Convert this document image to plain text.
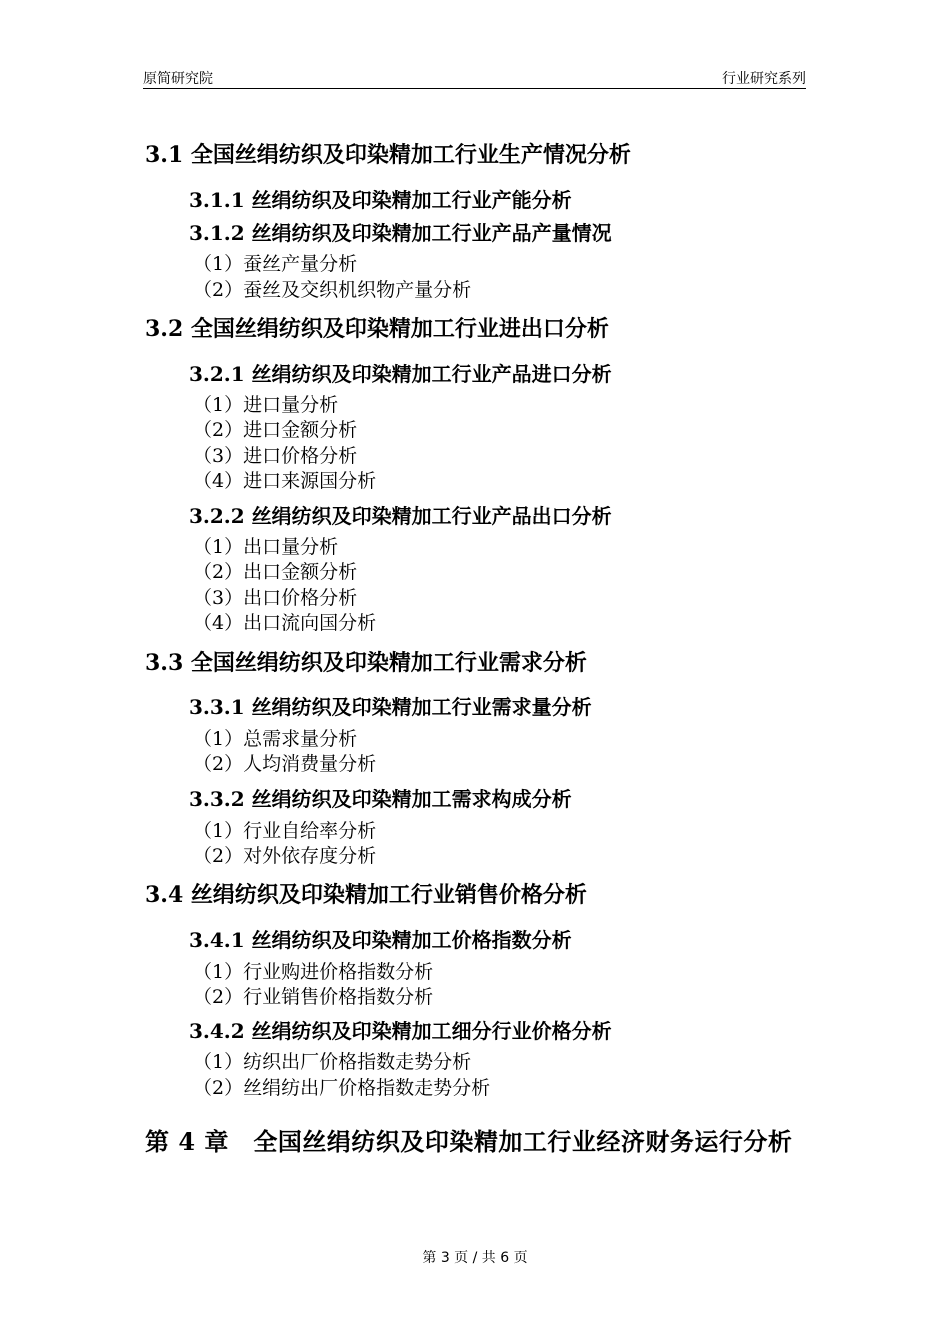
原简研究院	行业研究系列
3.1 全国丝绢纺织及印染精加工行业生产情况分析
3.1.1 丝绢纺织及印染精加工行业产能分析
3.1.2 丝绢纺织及印染精加工行业产品产量情况
（1）蚕丝产量分析
（2）蚕丝及交织机织物产量分析
3.2 全国丝绢纺织及印染精加工行业进出口分析
3.2.1 丝绢纺织及印染精加工行业产品进口分析
（1）进口量分析
（2）进口金额分析
（3）进口价格分析
（4）进口来源国分析
3.2.2 丝绢纺织及印染精加工行业产品出口分析
（1）出口量分析
（2）出口金额分析
（3）出口价格分析
（4）出口流向国分析
3.3 全国丝绢纺织及印染精加工行业需求分析
3.3.1 丝绢纺织及印染精加工行业需求量分析
（1）总需求量分析
（2）人均消费量分析
3.3.2 丝绢纺织及印染精加工需求构成分析
（1）行业自给率分析
（2）对外依存度分析
3.4 丝绢纺织及印染精加工行业销售价格分析
3.4.1 丝绢纺织及印染精加工价格指数分析
（1）行业购进价格指数分析
（2）行业销售价格指数分析
3.4.2 丝绢纺织及印染精加工细分行业价格分析
（1）纺织出厂价格指数走势分析
（2）丝绢纺出厂价格指数走势分析
第 4 章　全国丝绢纺织及印染精加工行业经济财务运行分析
第 3 页 / 共 6 页
